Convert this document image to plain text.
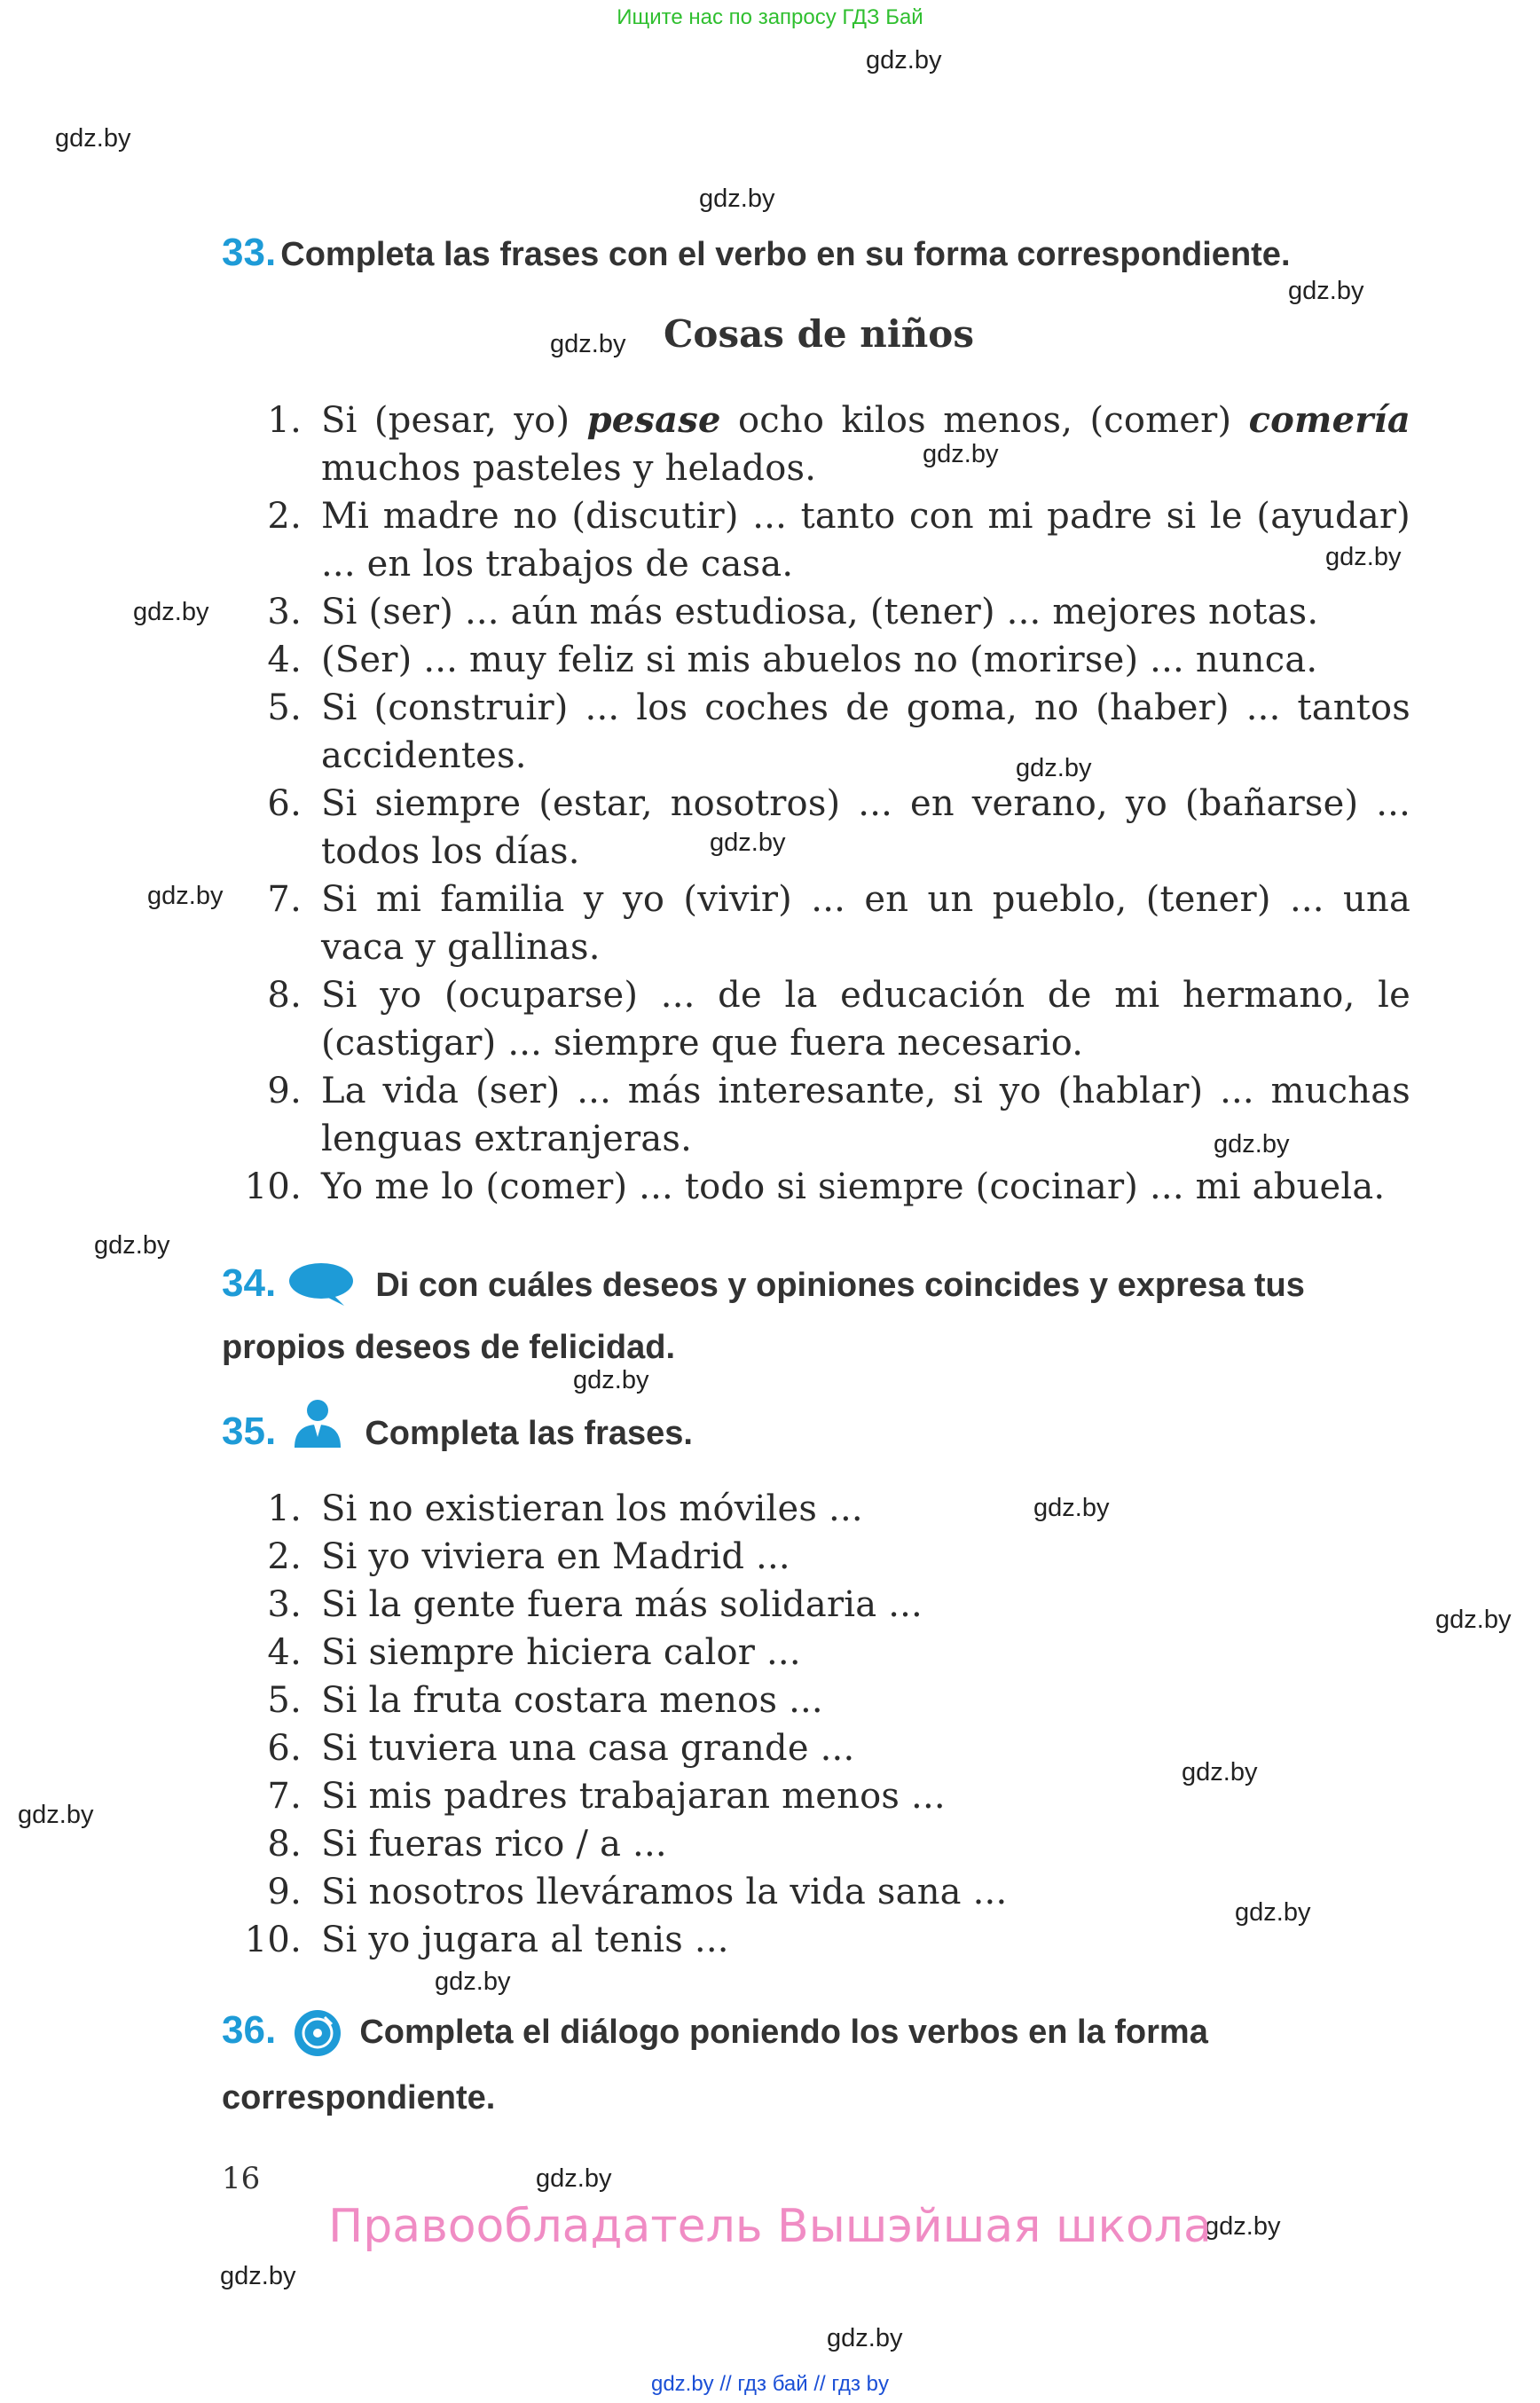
Ищите нас по запросу ГДЗ Бай
gdz.by
gdz.by
gdz.by
gdz.by
gdz.by
gdz.by
gdz.by
gdz.by
gdz.by
gdz.by
gdz.by
gdz.by
gdz.by
gdz.by
gdz.by
gdz.by
gdz.by
gdz.by
gdz.by
gdz.by
gdz.by
gdz.by
gdz.by
gdz.by
33. Completa las frases con el verbo en su forma correspondiente.
Cosas de niños
1. Si (pesar, yo) pesase ocho kilos menos, (comer) comería muchos pasteles y helados.
2. Mi madre no (discutir) ... tanto con mi padre si le (ayudar) ... en los trabajos de casa.
3. Si (ser) ... aún más estudiosa, (tener) ... mejores notas.
4. (Ser) ... muy feliz si mis abuelos no (morirse) ... nunca.
5. Si (construir) ... los coches de goma, no (haber) ... tantos accidentes.
6. Si siempre (estar, nosotros) ... en verano, yo (bañarse) ... todos los días.
7. Si mi familia y yo (vivir) ... en un pueblo, (tener) ... una vaca y gallinas.
8. Si yo (ocuparse) ... de la educación de mi hermano, le (castigar) ... siempre que fuera necesario.
9. La vida (ser) ... más interesante, si yo (hablar) ... muchas lenguas extranjeras.
10. Yo me lo (comer) ... todo si siempre (cocinar) ... mi abuela.
34.	Di con cuáles deseos y opiniones coincides y expresa tus propios deseos de felicidad.
35.	Completa las frases.
1. Si no existieran los móviles ...
2. Si yo viviera en Madrid ...
3. Si la gente fuera más solidaria ...
4. Si siempre hiciera calor ...
5. Si la fruta costara menos ...
6. Si tuviera una casa grande ...
7. Si mis padres trabajaran menos ...
8. Si fueras rico / a ...
9. Si nosotros lleváramos la vida sana ...
10. Si yo jugara al tenis ...
36. Completa el diálogo poniendo los verbos en la forma correspondiente.
16
Правообладатель Вышэйшая школа
gdz.by // гдз бай // гдз by
